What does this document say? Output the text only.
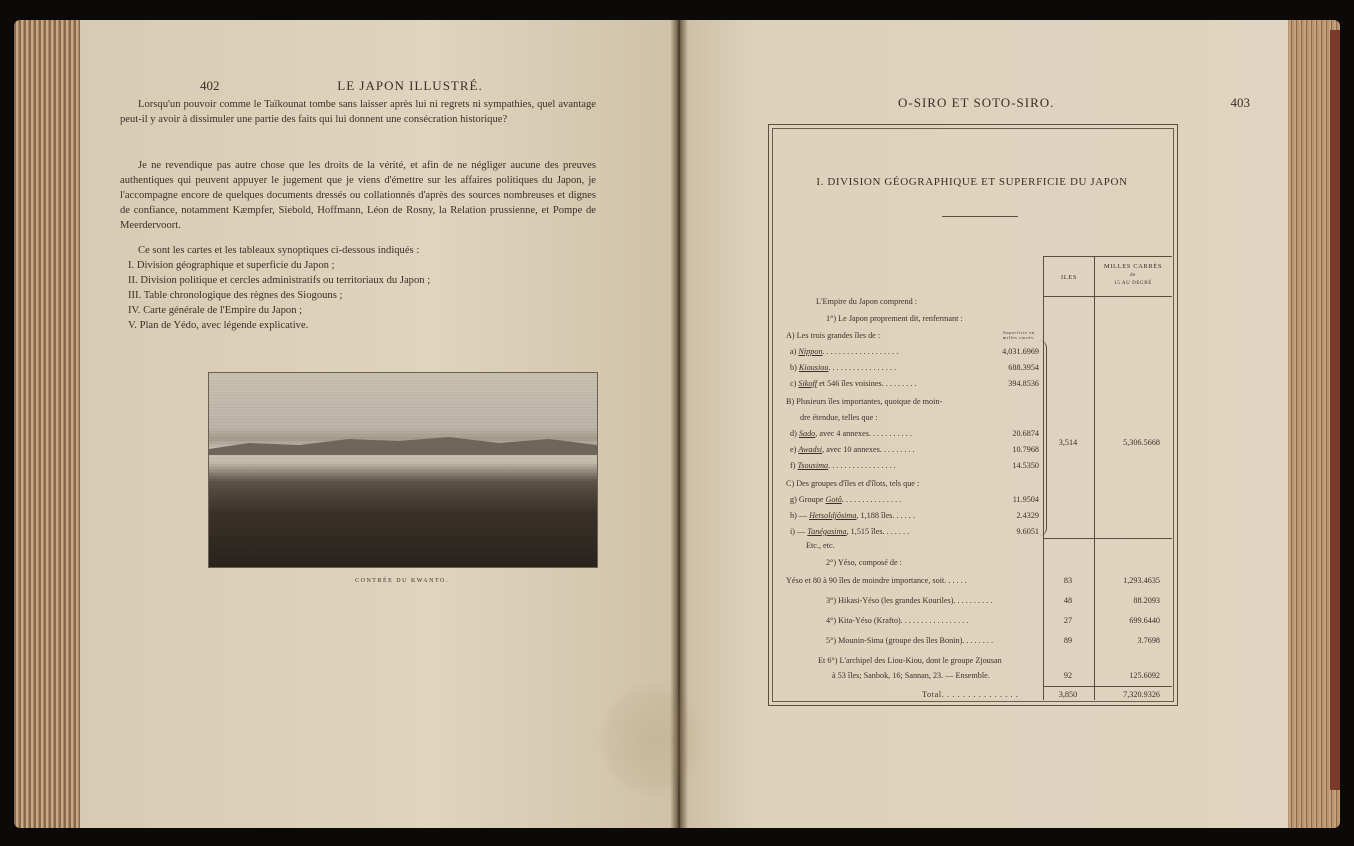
402	LE JAPON ILLUSTRÉ.

Lorsqu'un pouvoir comme le Taïkounat tombe sans laisser après lui ni regrets ni sympathies, quel avantage peut-il y avoir à dissimuler une partie des faits qui lui donnent une consécration historique?

Je ne revendique pas autre chose que les droits de la vérité, et afin de ne négliger aucune des preuves authentiques qui peuvent appuyer le jugement que je viens d'émettre sur les affaires politiques du Japon, je l'accompagne encore de quelques documents dressés ou collationnés d'après des sources nombreuses et dignes de confiance, notamment Kæmpfer, Siebold, Hoffmann, Léon de Rosny, la Relation prussienne, et Pompe de Meerdervoort.

Ce sont les cartes et les tableaux synoptiques ci-dessous indiqués :

I. Division géographique et superficie du Japon ;
II. Division politique et cercles administratifs ou territoriaux du Japon ;
III. Table chronologique des règnes des Siogouns ;
IV. Carte générale de l'Empire du Japon ;
V. Plan de Yédo, avec légende explicative.
CONTRÉE DU KWANTO.
O-SIRO ET SOTO-SIRO.	403
I. DIVISION GÉOGRAPHIQUE ET SUPERFICIE DU JAPON
ILES
MILLES CARRÉS
de
15 AU DEGRÉ
Superficie en milles carrés.
L'Empire du Japon comprend :
1°) Le Japon proprement dit, renfermant :
A) Les trois grandes îles de :
a) Nippon. . . . . . . . . . . . . . . . . . .	4,031.6969
b) Kiousiou. . . . . . . . . . . . . . . . .	688.3954
c) Sikoff et 546 îles voisines. . . . . . . . .	394.8536
B) Plusieurs îles importantes, quoique de moin-
dre étendue, telles que :
d) Sado, avec 4 annexes. . . . . . . . . . .	20.6874
e) Awadsi, avec 10 annexes. . . . . . . . .	10.7968
f) Tsousima. . . . . . . . . . . . . . . . .	14.5350
C) Des groupes d'îles et d'îlots, tels que :
g) Groupe Gotô. . . . . . . . . . . . . . .	11.9504
h) — Hetsoldjôsima, 1,188 îles. . . . . .	2.4329
i) — Tanégasima, 1,515 îles. . . . . . .	9.6051
Etc., etc.
3,514	5,306.5668
2°) Yéso, composé de :
Yéso et 80 à 90 îles de moindre importance, soit. . . . . .	83	1,293.4635
3°) Hikasi-Yéso (les grandes Kouriles). . . . . . . . . .	48	88.2093
4°) Kita-Yéso (Krafto). . . . . . . . . . . . . . . . .	27	699.6440
5°) Mounin-Sima (groupe des îles Bonin). . . . . . . .	89	3.7698
Et 6°) L'archipel des Liou-Kiou, dont le groupe Zjousan
à 53 îles; Sanbok, 16; Sannan, 23. — Ensemble.	92	125.6092
Total. . . . . . . . . . . . . . .	3,850	7,320.9326
